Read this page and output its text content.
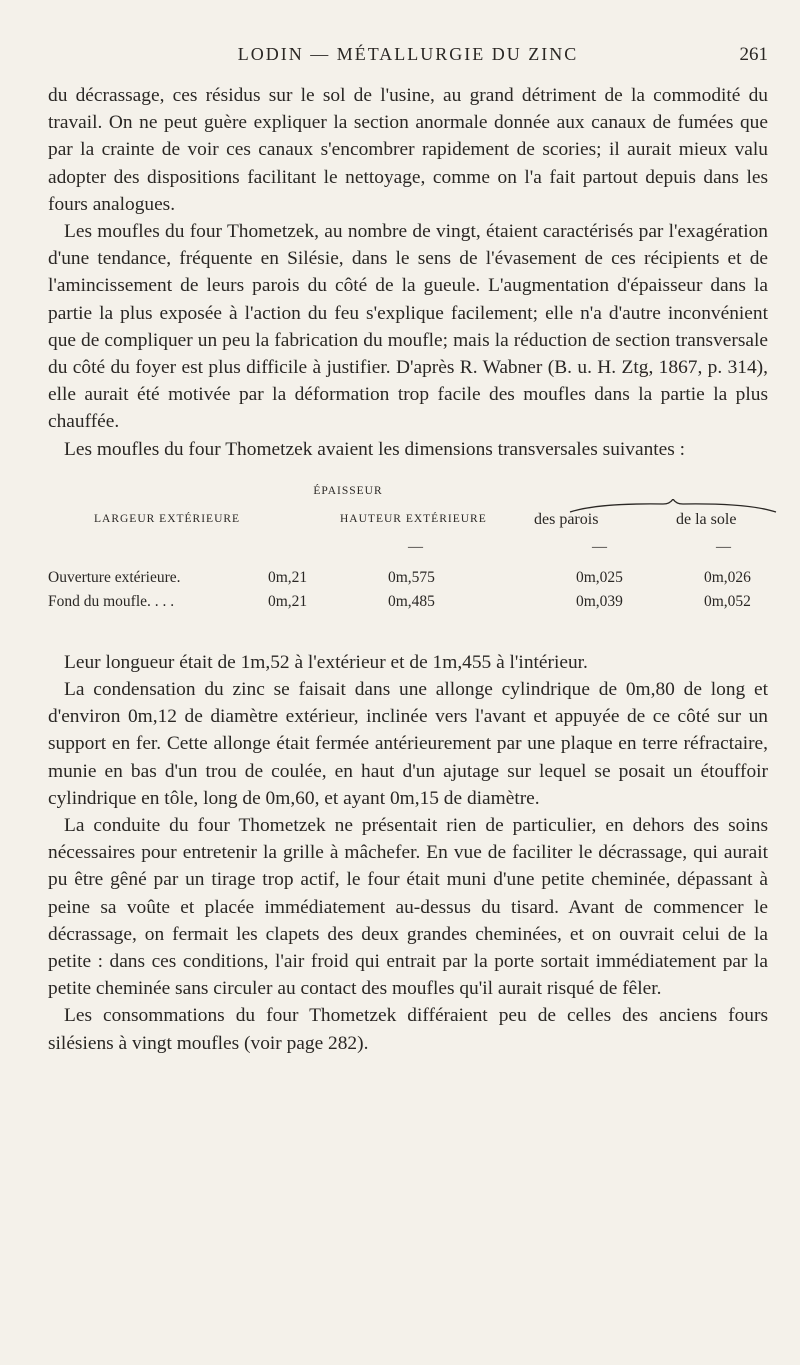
LODIN — MÉTALLURGIE DU ZINC	261

du décrassage, ces résidus sur le sol de l'usine, au grand détriment de la commodité du travail. On ne peut guère expliquer la section anormale donnée aux canaux de fumées que par la crainte de voir ces canaux s'encombrer rapidement de scories; il aurait mieux valu adopter des dispositions facilitant le nettoyage, comme on l'a fait partout depuis dans les fours analogues.

Les moufles du four Thometzek, au nombre de vingt, étaient caractérisés par l'exagération d'une tendance, fréquente en Silésie, dans le sens de l'évasement de ces récipients et de l'amincissement de leurs parois du côté de la gueule. L'augmentation d'épaisseur dans la partie la plus exposée à l'action du feu s'explique facilement; elle n'a d'autre inconvénient que de compliquer un peu la fabrication du moufle; mais la réduction de section transversale du côté du foyer est plus difficile à justifier. D'après R. Wabner (B. u. H. Ztg, 1867, p. 314), elle aurait été motivée par la déformation trop facile des moufles dans la partie la plus chauffée.

Les moufles du four Thometzek avaient les dimensions transversales suivantes :

ÉPAISSEUR
LARGEUR EXTÉRIEURE	HAUTEUR EXTÉRIEURE	des parois	de la sole
—	—	—
Ouverture extérieure.	0m,21	0m,575	0m,025	0m,026
Fond du moufle. . . .	0m,21	0m,485	0m,039	0m,052

Leur longueur était de 1m,52 à l'extérieur et de 1m,455 à l'intérieur.

La condensation du zinc se faisait dans une allonge cylindrique de 0m,80 de long et d'environ 0m,12 de diamètre extérieur, inclinée vers l'avant et appuyée de ce côté sur un support en fer. Cette allonge était fermée antérieurement par une plaque en terre réfractaire, munie en bas d'un trou de coulée, en haut d'un ajutage sur lequel se posait un étouffoir cylindrique en tôle, long de 0m,60, et ayant 0m,15 de diamètre.

La conduite du four Thometzek ne présentait rien de particulier, en dehors des soins nécessaires pour entretenir la grille à mâchefer. En vue de faciliter le décrassage, qui aurait pu être gêné par un tirage trop actif, le four était muni d'une petite cheminée, dépassant à peine sa voûte et placée immédiatement au-dessus du tisard. Avant de commencer le décrassage, on fermait les clapets des deux grandes cheminées, et on ouvrait celui de la petite : dans ces conditions, l'air froid qui entrait par la porte sortait immédiatement par la petite cheminée sans circuler au contact des moufles qu'il aurait risqué de fêler.

Les consommations du four Thometzek différaient peu de celles des anciens fours silésiens à vingt moufles (voir page 282).
